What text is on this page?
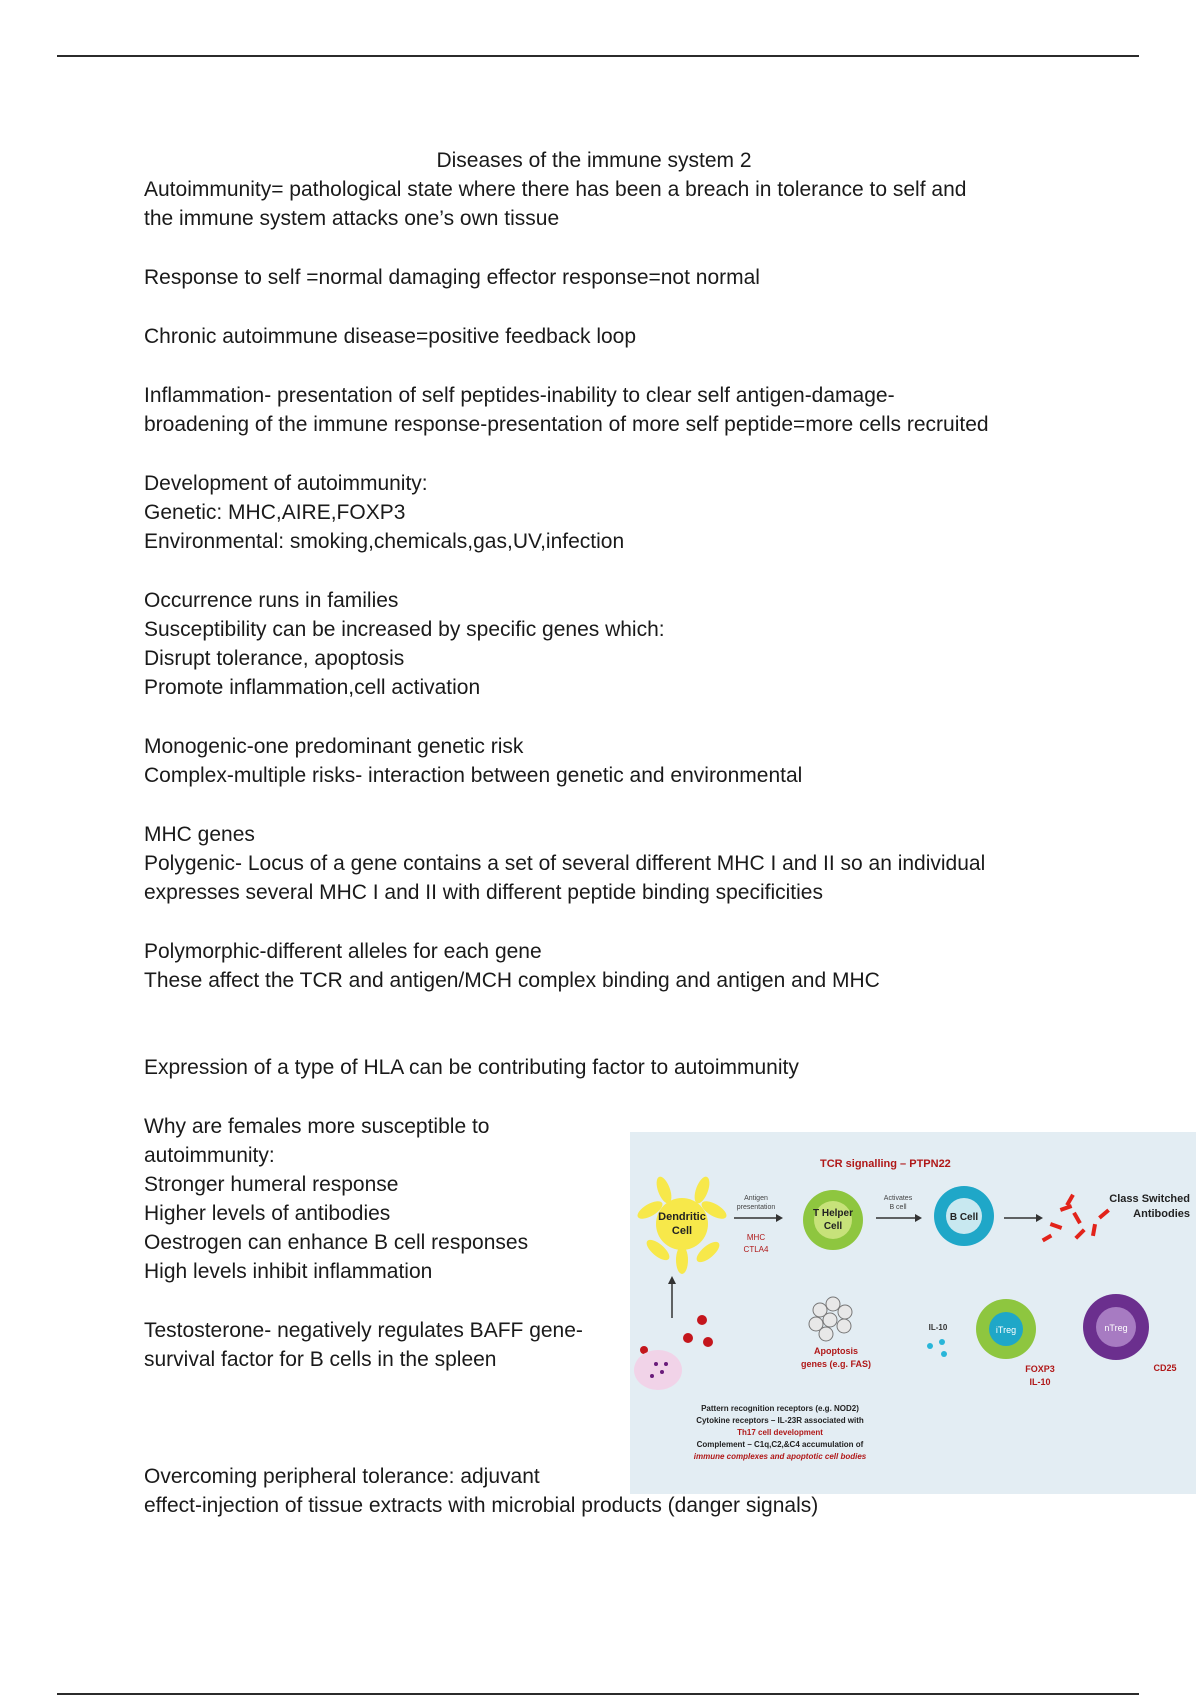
Diseases of the immune system 2
Autoimmunity= pathological state where there has been a breach in tolerance to self and
the immune system attacks one’s own tissue
Response to self =normal damaging effector response=not normal
Chronic autoimmune disease=positive feedback loop
Inflammation- presentation of self peptides-inability to clear self antigen-damage-
broadening of the immune response-presentation of more self peptide=more cells recruited
Development of autoimmunity:
Genetic: MHC,AIRE,FOXP3
Environmental: smoking,chemicals,gas,UV,infection
Occurrence runs in families
Susceptibility can be increased by specific genes which:
Disrupt tolerance, apoptosis
Promote inflammation,cell activation
Monogenic-one predominant genetic risk
Complex-multiple risks- interaction between genetic and environmental
MHC genes
Polygenic- Locus of a gene contains a set of several different MHC I and II so an individual
expresses several MHC I and II with different peptide binding specificities
Polymorphic-different alleles for each gene
These affect the TCR and antigen/MCH complex binding and antigen and MHC
Expression of a type of HLA can be contributing factor to autoimmunity
Why are females more susceptible to
autoimmunity:
Stronger humeral response
Higher levels of antibodies
Oestrogen can enhance B cell responses
High levels inhibit inflammation
Testosterone- negatively regulates BAFF gene-
survival factor for B cells in the spleen
Overcoming peripheral tolerance: adjuvant
effect-injection of tissue extracts with microbial products (danger signals)
TCR signalling – PTPN22
Dendritic
Cell
Antigen
presentation
MHC
CTLA4
T Helper
Cell
Activates
B cell
B Cell
Class Switched
Antibodies
Apoptosis
genes (e.g. FAS)
IL-10	iTreg
FOXP3
IL-10
nTreg
CD25
Pattern recognition receptors (e.g. NOD2)
Cytokine receptors – IL-23R associated with
Th17 cell development
Complement – C1q,C2,&C4 accumulation of
immune complexes and apoptotic cell bodies
